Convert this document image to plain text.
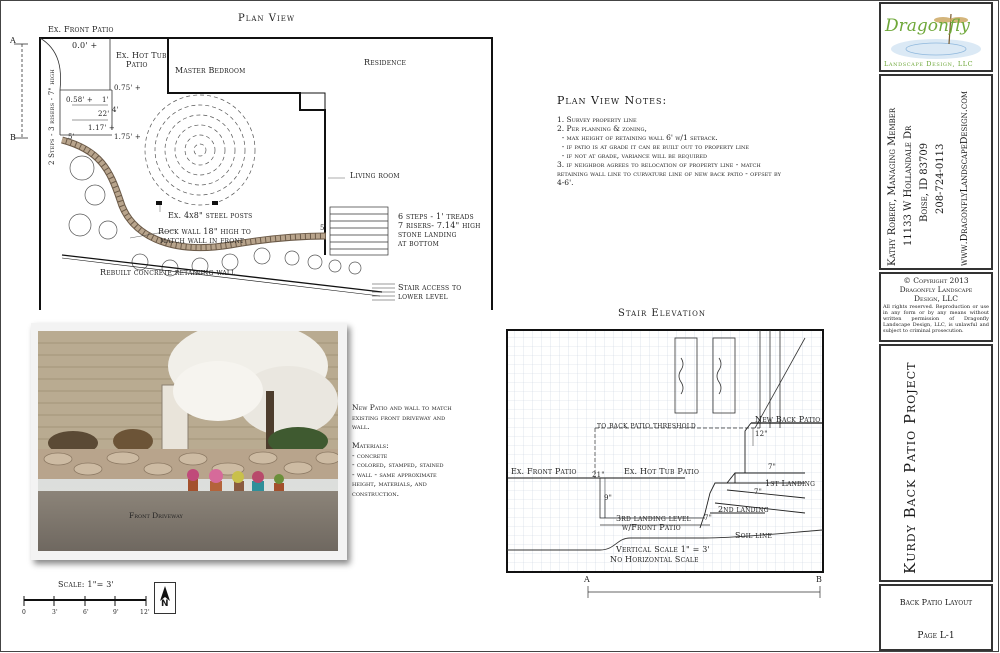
Plan View
A
B
Ex. Front Patio
0.0' +
2 Steps - 3 risers - 7" high
Ex. Hot Tub
Patio
0.75' +
0.58' + 1'
22' 4'
1.17' +
5'	1.75' +
Master Bedroom
Residence
Living room
Ex. 4x8" steel posts
Rock wall 18" high to
match wall in front
5'
6 steps - 1' treads
7 risers- 7.14" high
stone landing
at bottom
Rebuilt concrete retaining wall
Stair access to
lower level
Plan View Notes:
1. Survey property line
2. Per planning & zoning,
- max height of retaining wall 6' w/1 setback.
- if patio is at grade it can be built out to property line
- if not at grade, variance will be required
3. if neighbor agrees to relocation of property line - match
retaining wall line to curvature line of new back patio - offset by
4-6'.
Front Driveway
New Patio and wall to match
existing front driveway and
wall.
Materials:
- concrete
- colored, stamped, stained
- wall - same approximate
height, materials, and
construction.
Stair Elevation
New Back Patio
to back patio threshold
12"
Ex. Front Patio 21" Ex. Hot Tub Patio	7"
1st Landing
7"
9"
2nd landing
7"
3rd landing level
w/Front Patio
Soil line
Vertical Scale 1" = 3'
No Horizontal Scale
A	B
Scale: 1"= 3'
0	3'	6'	9'	12'
N
Dragonfly
Landscape Design, LLC
Kathy Robert, Managing Member 11133 W Hollandale Dr Boise, ID 83709 208-724-0113 www.DragonflyLandscapeDesign.com
© Copyright 2013
Dragonfly Landscape
Design, LLC
All rights reserved. Reproduction or use in any form or by any means without written permission of Dragonfly Landscape Design, LLC, is unlawful and subject to criminal prosecution.
Kurdy Back Patio Project
Back Patio Layout
Page L-1
